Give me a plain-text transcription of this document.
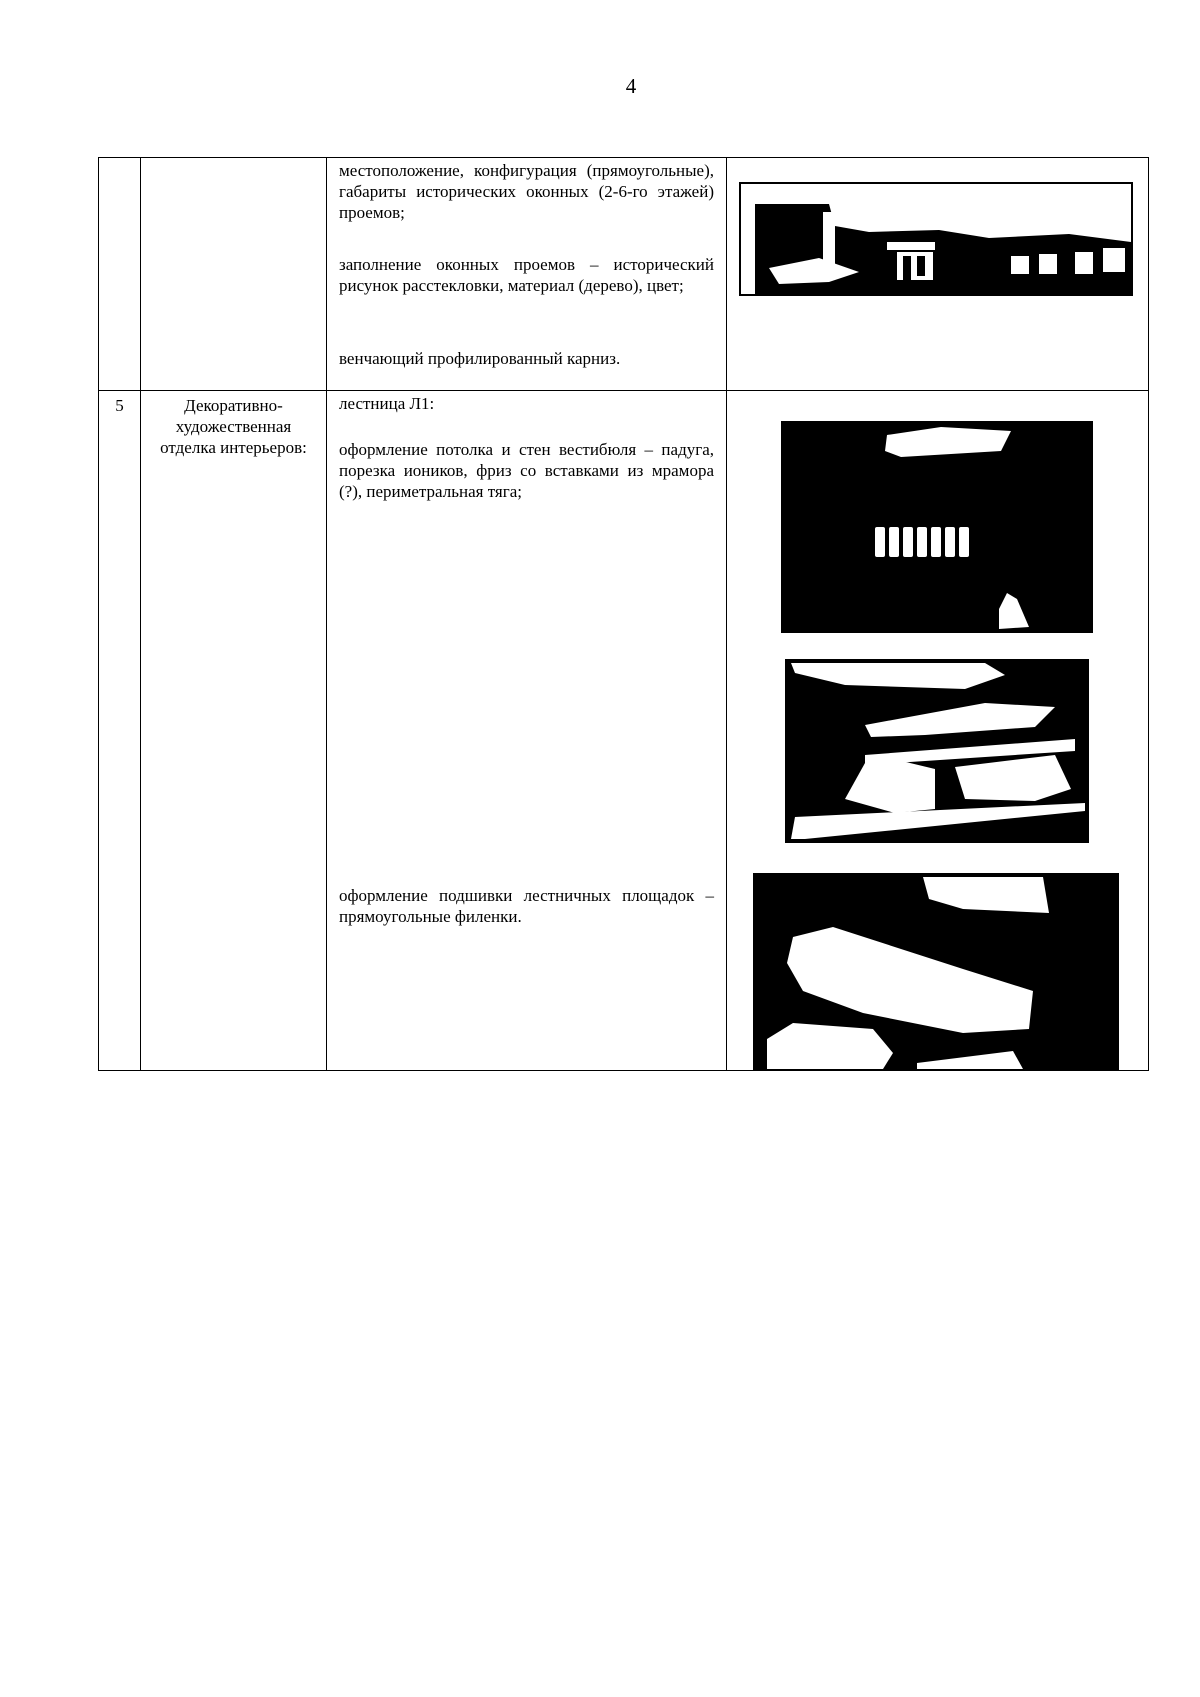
4

		местоположение, конфигурация (прямоугольные), габариты исторических оконных (2-6-го этажей) проемов;
заполнение оконных проемов – исторический рисунок расстекловки, материал (дерево), цвет;
венчающий профилированный карниз.

5	Декоративно-художественная отделка интерьеров:	лестница Л1:
оформление потолка и стен вестибюля – падуга, порезка иоников, фриз со вставками из мрамора (?), периметральная тяга;
оформление подшивки лестничных площадок – прямоугольные филенки.
